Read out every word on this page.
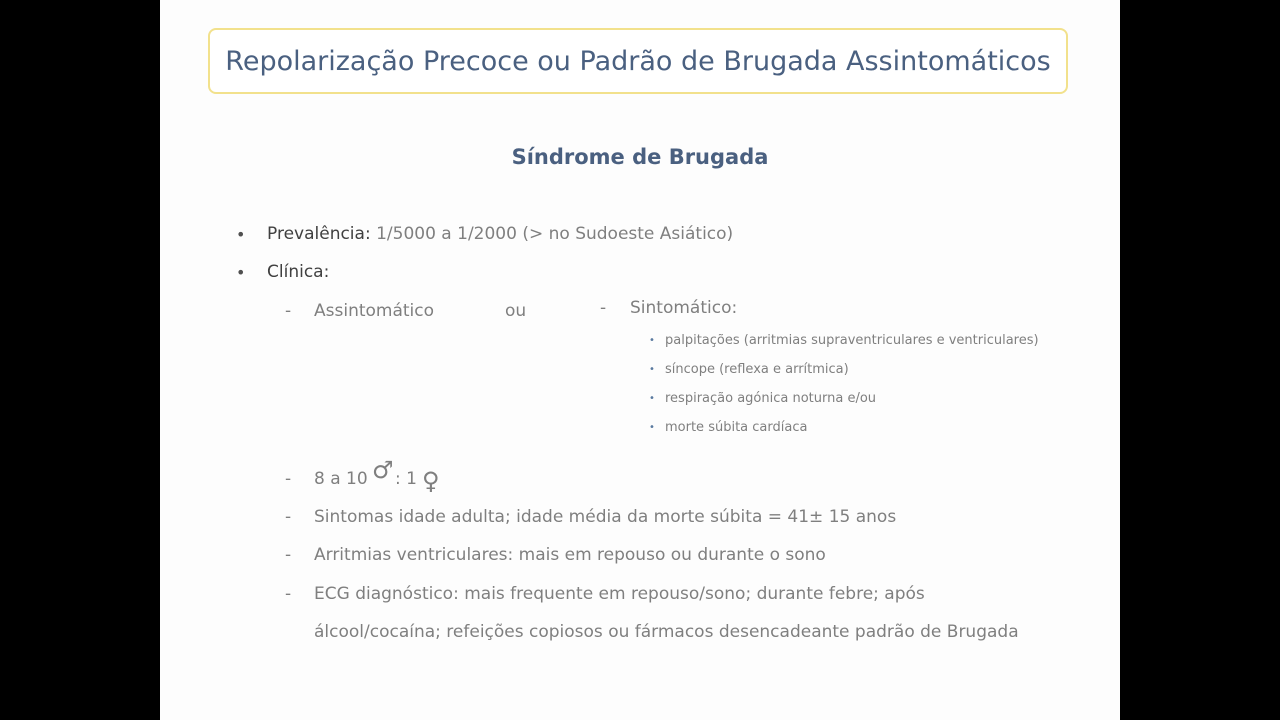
Repolarização Precoce ou Padrão de Brugada Assintomáticos
Síndrome de Brugada
• Prevalência: 1/5000 a 1/2000 (> no Sudoeste Asiático)
• Clínica:
- Assintomático	ou	- Sintomático:
• palpitações (arritmias supraventriculares e ventriculares)
• síncope (reflexa e arrítmica)
• respiração agónica noturna e/ou
• morte súbita cardíaca
- 8 a 10 ♂ : 1 ♀
- Sintomas idade adulta; idade média da morte súbita = 41± 15 anos
- Arritmias ventriculares: mais em repouso ou durante o sono
- ECG diagnóstico: mais frequente em repouso/sono; durante febre; após
álcool/cocaína; refeições copiosos ou fármacos desencadeante padrão de Brugada
